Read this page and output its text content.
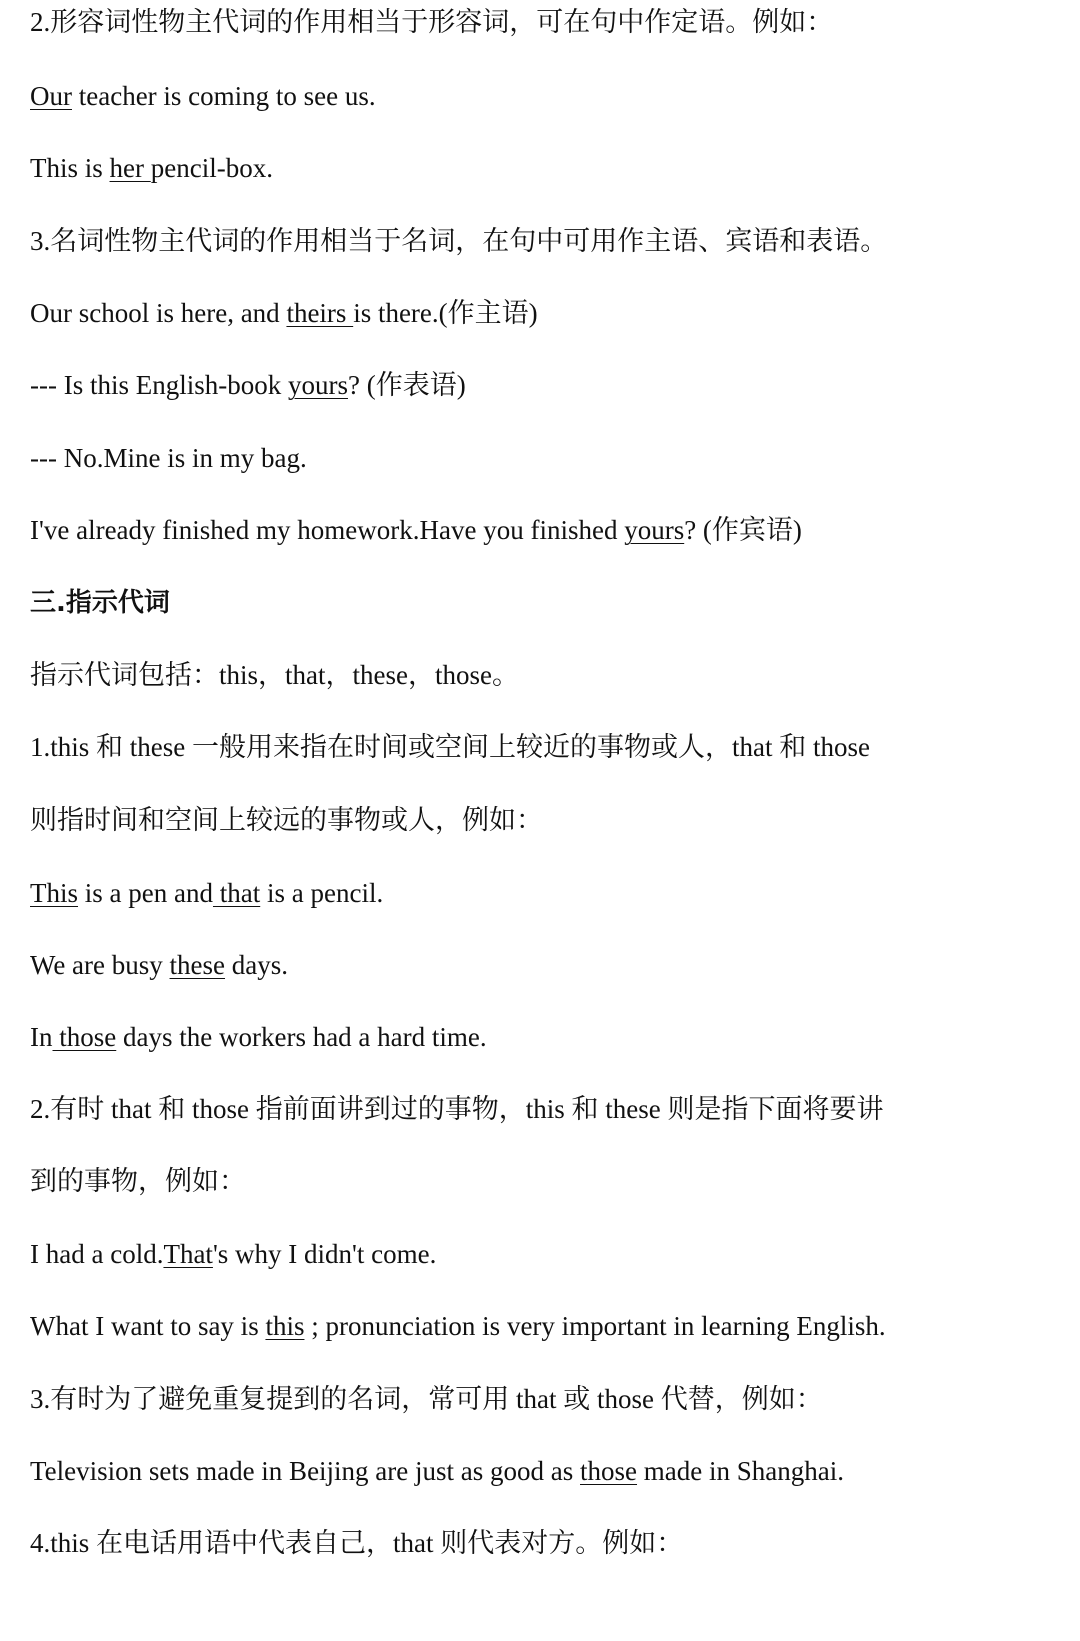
2.形容词性物主代词的作用相当于形容词，可在句中作定语。例如：
Our teacher is coming to see us.
This is her pencil-box.
3.名词性物主代词的作用相当于名词，在句中可用作主语、宾语和表语。
Our school is here, and theirs is there.(作主语)
--- Is this English-book yours? (作表语)
--- No.Mine is in my bag.
I've already finished my homework.Have you finished yours? (作宾语)
三.指示代词
指示代词包括：this，that，these，those。
1.this 和 these 一般用来指在时间或空间上较近的事物或人，that 和 those
则指时间和空间上较远的事物或人，例如：
This is a pen and that is a pencil.
We are busy these days.
In those days the workers had a hard time.
2.有时 that 和 those 指前面讲到过的事物，this 和 these 则是指下面将要讲
到的事物，例如：
I had a cold.That's why I didn't come.
What I want to say is this ; pronunciation is very important in learning English.
3.有时为了避免重复提到的名词，常可用 that 或 those 代替，例如：
Television sets made in Beijing are just as good as those made in Shanghai.
4.this 在电话用语中代表自己，that 则代表对方。例如：
